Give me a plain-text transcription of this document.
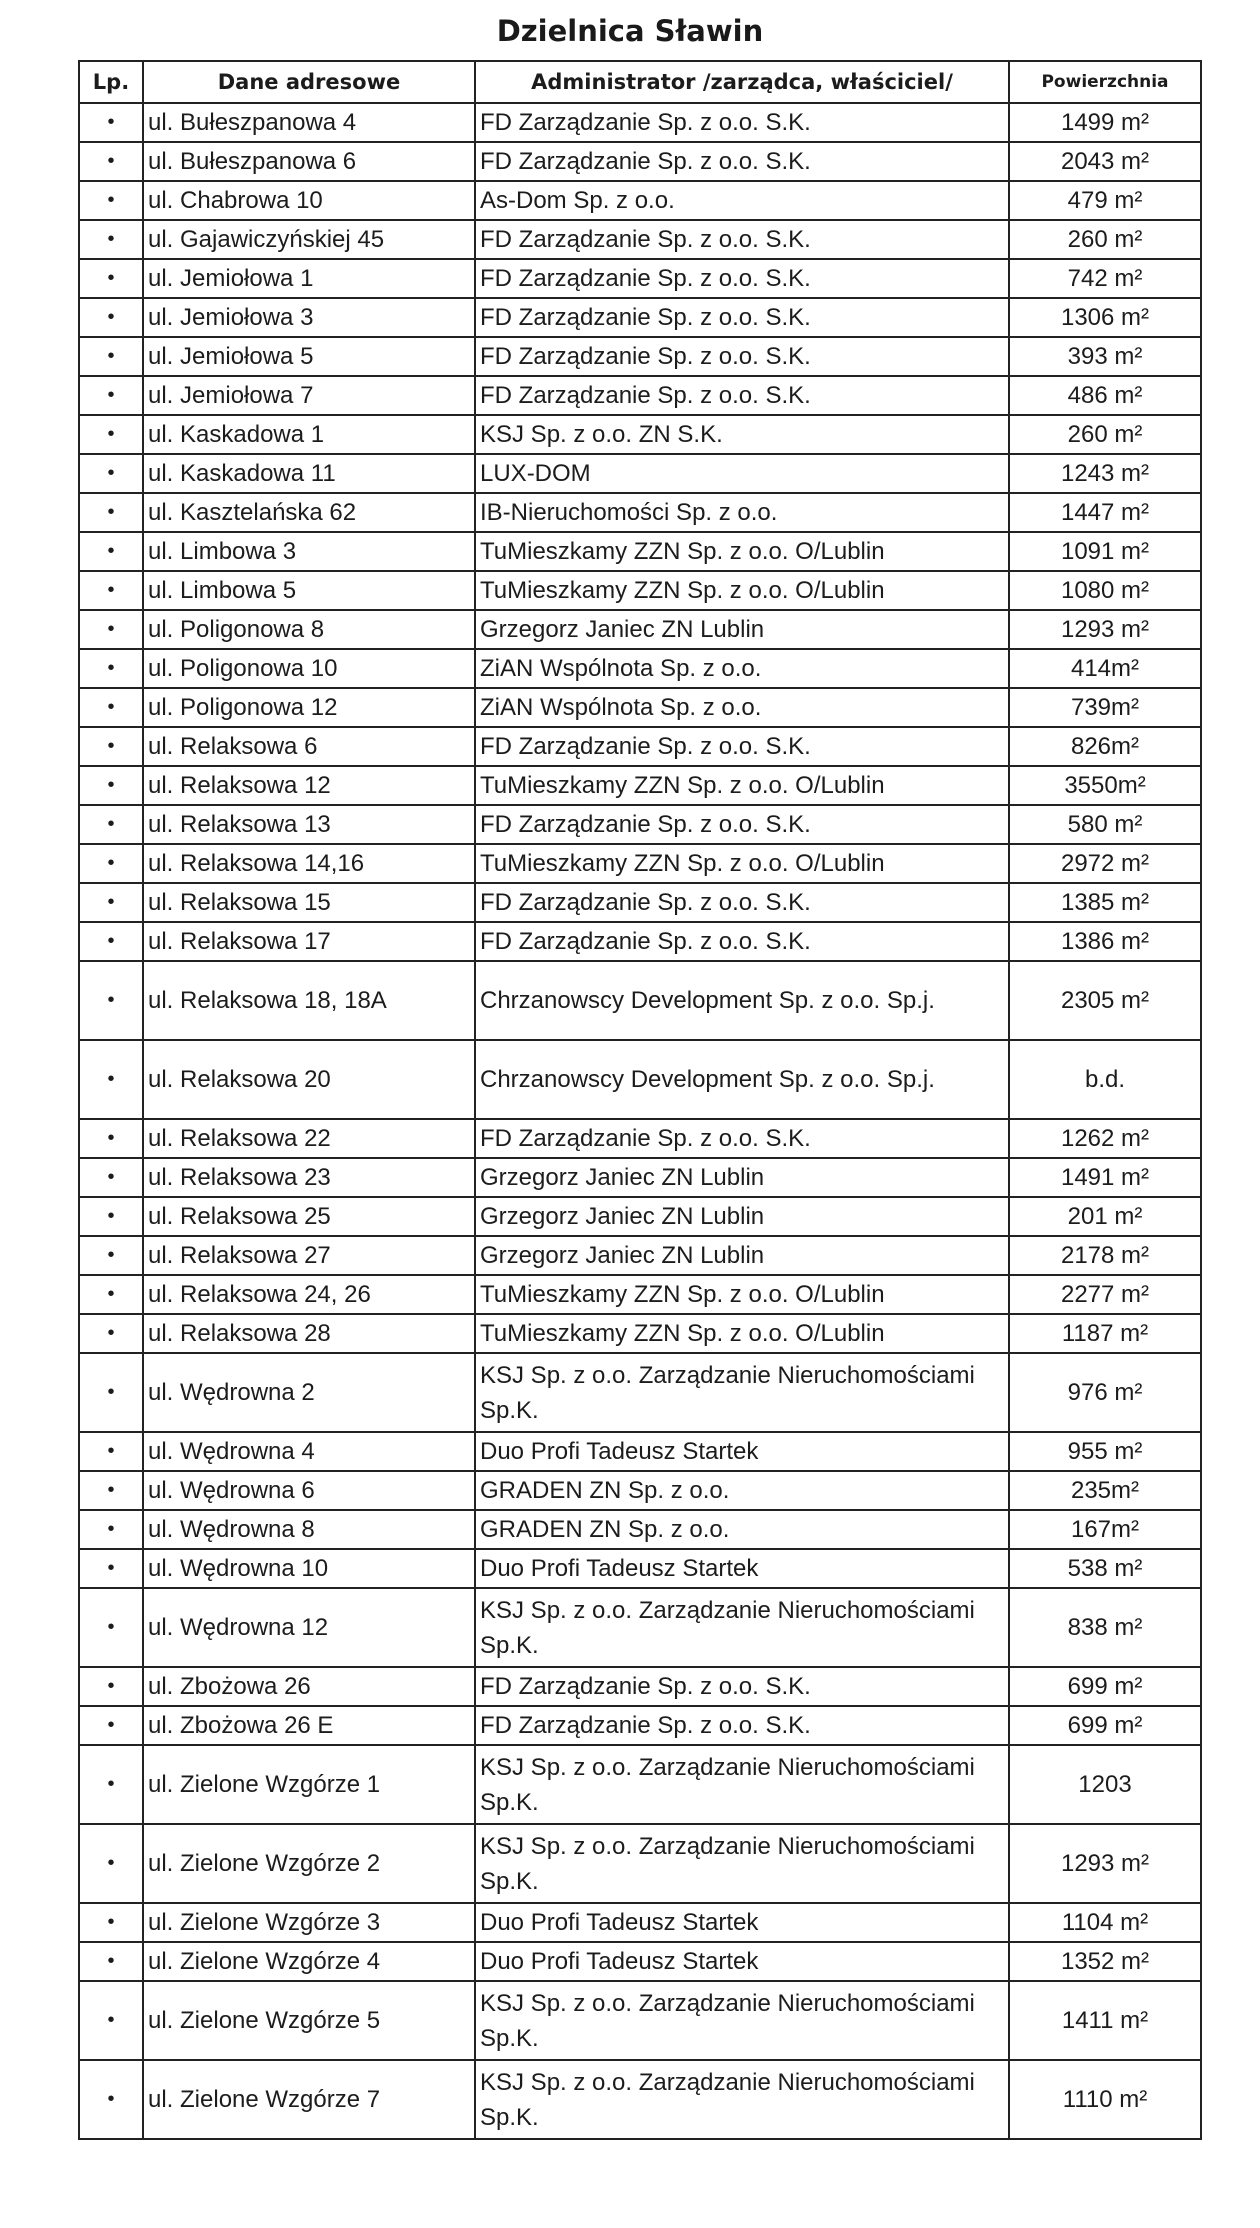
Dzielnica Sławin
Lp.	Dane adresowe	Administrator /zarządca, właściciel/	Powierzchnia
•	ul. Bułeszpanowa 4	FD Zarządzanie Sp. z o.o. S.K.	1499 m²
•	ul. Bułeszpanowa 6	FD Zarządzanie Sp. z o.o. S.K.	2043 m²
•	ul. Chabrowa 10	As-Dom Sp. z o.o.	479 m²
•	ul. Gajawiczyńskiej 45	FD Zarządzanie Sp. z o.o. S.K.	260 m²
•	ul. Jemiołowa 1	FD Zarządzanie Sp. z o.o. S.K.	742 m²
•	ul. Jemiołowa 3	FD Zarządzanie Sp. z o.o. S.K.	1306 m²
•	ul. Jemiołowa 5	FD Zarządzanie Sp. z o.o. S.K.	393 m²
•	ul. Jemiołowa 7	FD Zarządzanie Sp. z o.o. S.K.	486 m²
•	ul. Kaskadowa 1	KSJ Sp. z o.o. ZN S.K.	260 m²
•	ul. Kaskadowa 11	LUX-DOM	1243 m²
•	ul. Kasztelańska 62	IB-Nieruchomości Sp. z o.o.	1447 m²
•	ul. Limbowa 3	TuMieszkamy ZZN Sp. z o.o. O/Lublin	1091 m²
•	ul. Limbowa 5	TuMieszkamy ZZN Sp. z o.o. O/Lublin	1080 m²
•	ul. Poligonowa 8	Grzegorz Janiec ZN Lublin	1293 m²
•	ul. Poligonowa 10	ZiAN Wspólnota Sp. z o.o.	414m²
•	ul. Poligonowa 12	ZiAN Wspólnota Sp. z o.o.	739m²
•	ul. Relaksowa 6	FD Zarządzanie Sp. z o.o. S.K.	826m²
•	ul. Relaksowa 12	TuMieszkamy ZZN Sp. z o.o. O/Lublin	3550m²
•	ul. Relaksowa 13	FD Zarządzanie Sp. z o.o. S.K.	580 m²
•	ul. Relaksowa 14,16	TuMieszkamy ZZN Sp. z o.o. O/Lublin	2972 m²
•	ul. Relaksowa 15	FD Zarządzanie Sp. z o.o. S.K.	1385 m²
•	ul. Relaksowa 17	FD Zarządzanie Sp. z o.o. S.K.	1386 m²
•	ul. Relaksowa 18, 18A	Chrzanowscy Development Sp. z o.o. Sp.j.	2305 m²
•	ul. Relaksowa 20	Chrzanowscy Development Sp. z o.o. Sp.j.	b.d.
•	ul. Relaksowa 22	FD Zarządzanie Sp. z o.o. S.K.	1262 m²
•	ul. Relaksowa 23	Grzegorz Janiec ZN Lublin	1491 m²
•	ul. Relaksowa 25	Grzegorz Janiec ZN Lublin	201 m²
•	ul. Relaksowa 27	Grzegorz Janiec ZN Lublin	2178 m²
•	ul. Relaksowa 24, 26	TuMieszkamy ZZN Sp. z o.o. O/Lublin	2277 m²
•	ul. Relaksowa 28	TuMieszkamy ZZN Sp. z o.o. O/Lublin	1187 m²
•	ul. Wędrowna 2	KSJ Sp. z o.o. Zarządzanie Nieruchomościami Sp.K.	976 m²
•	ul. Wędrowna 4	Duo Profi Tadeusz Startek	955 m²
•	ul. Wędrowna 6	GRADEN ZN Sp. z o.o.	235m²
•	ul. Wędrowna 8	GRADEN ZN Sp. z o.o.	167m²
•	ul. Wędrowna 10	Duo Profi Tadeusz Startek	538 m²
•	ul. Wędrowna 12	KSJ Sp. z o.o. Zarządzanie Nieruchomościami Sp.K.	838 m²
•	ul. Zbożowa 26	FD Zarządzanie Sp. z o.o. S.K.	699 m²
•	ul. Zbożowa 26 E	FD Zarządzanie Sp. z o.o. S.K.	699 m²
•	ul. Zielone Wzgórze 1	KSJ Sp. z o.o. Zarządzanie Nieruchomościami Sp.K.	1203
•	ul. Zielone Wzgórze 2	KSJ Sp. z o.o. Zarządzanie Nieruchomościami Sp.K.	1293 m²
•	ul. Zielone Wzgórze 3	Duo Profi Tadeusz Startek	1104 m²
•	ul. Zielone Wzgórze 4	Duo Profi Tadeusz Startek	1352 m²
•	ul. Zielone Wzgórze 5	KSJ Sp. z o.o. Zarządzanie Nieruchomościami Sp.K.	1411 m²
•	ul. Zielone Wzgórze 7	KSJ Sp. z o.o. Zarządzanie Nieruchomościami Sp.K.	1110 m²
